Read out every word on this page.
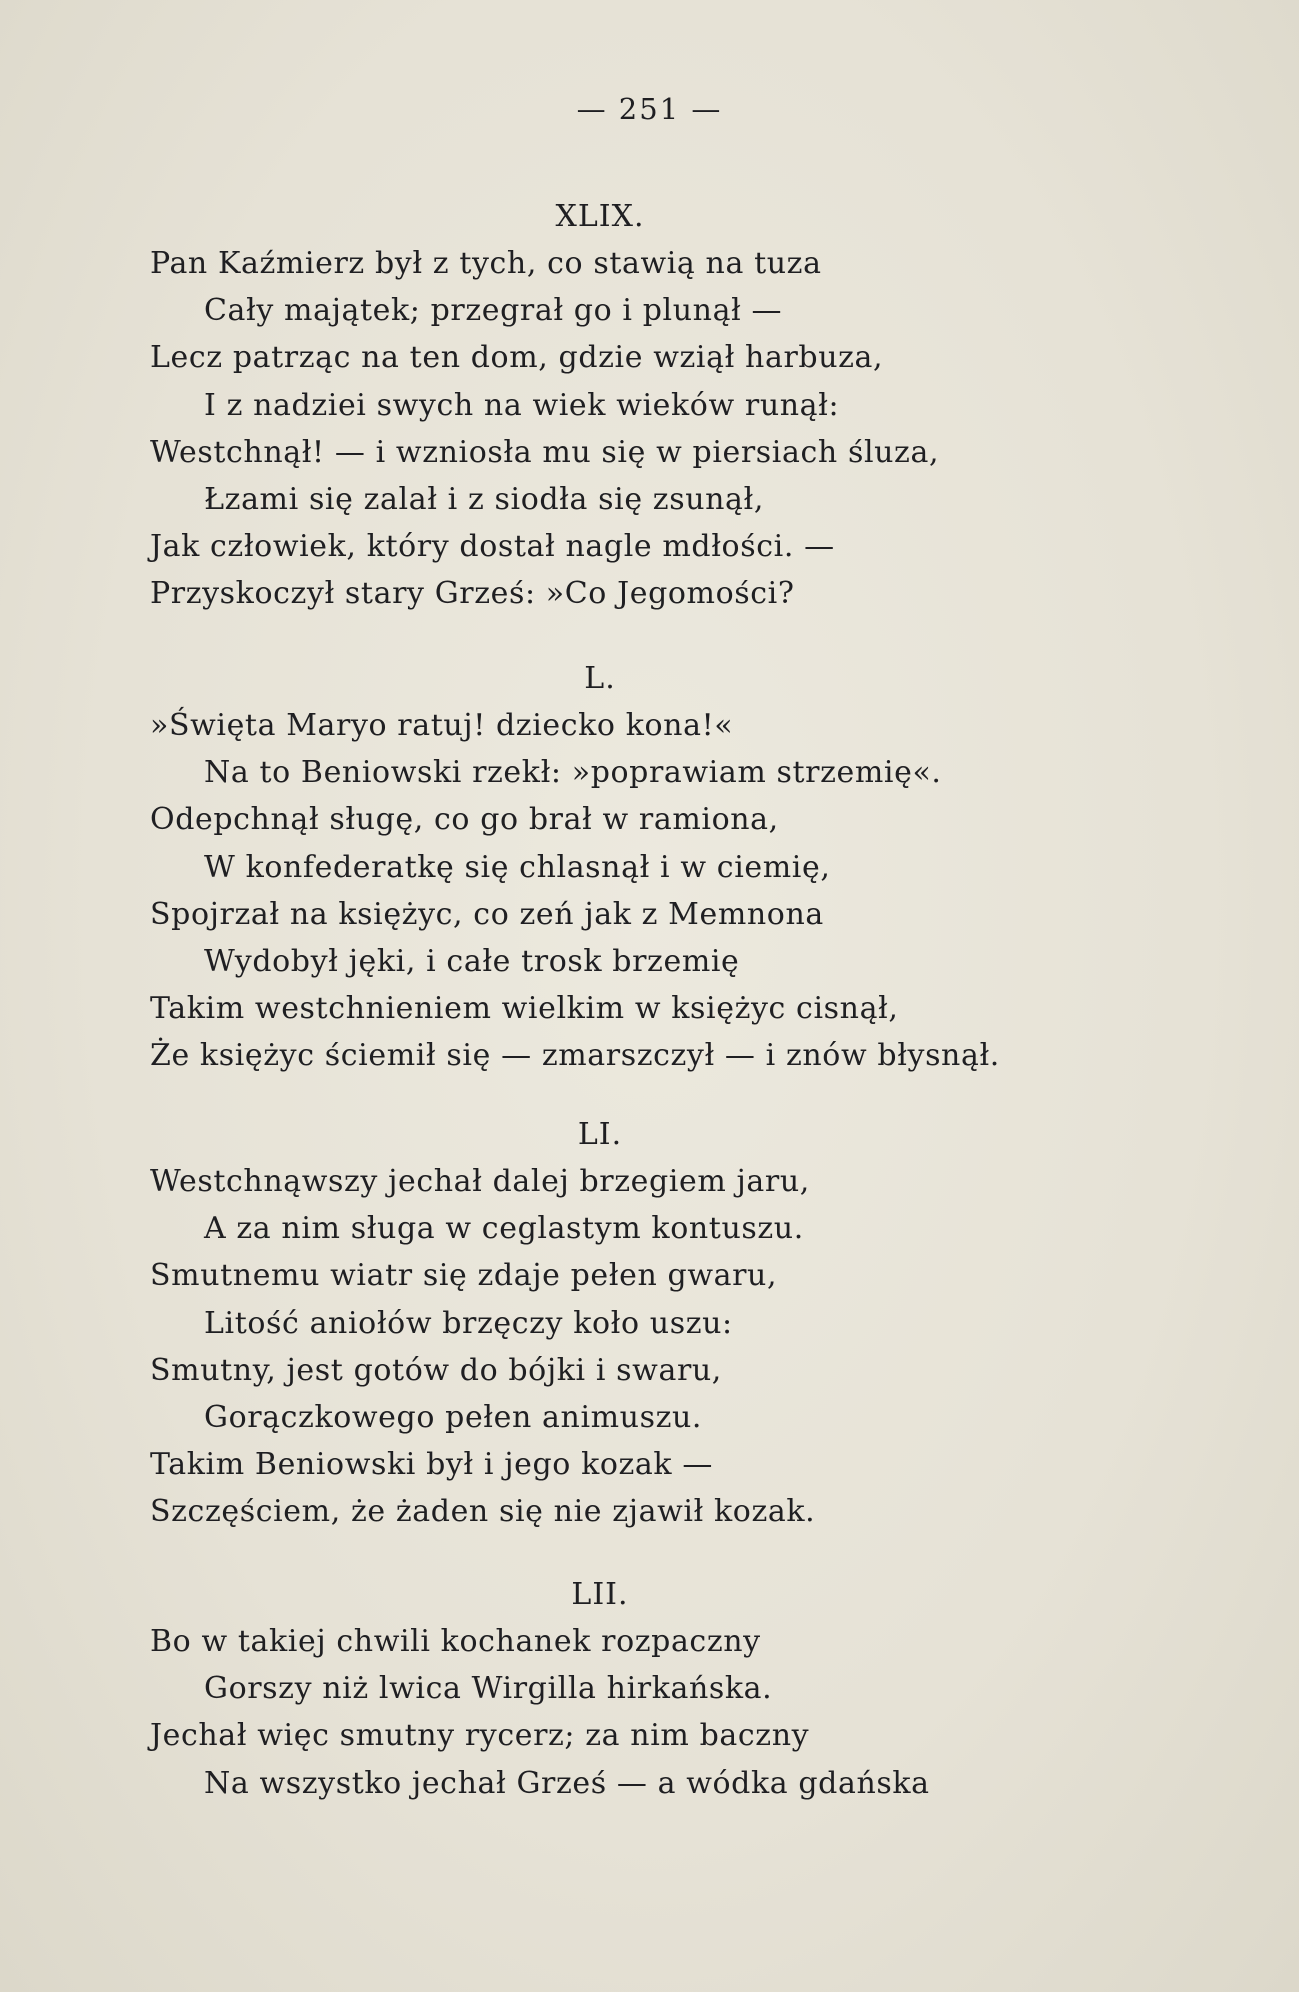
— 251 —
XLIX.
Pan Kaźmierz był z tych, co stawią na tuza
Cały majątek; przegrał go i plunął —
Lecz patrząc na ten dom, gdzie wziął harbuza,
I z nadziei swych na wiek wieków runął:
Westchnął! — i wzniosła mu się w piersiach śluza,
Łzami się zalał i z siodła się zsunął,
Jak człowiek, który dostał nagle mdłości. —
Przyskoczył stary Grześ: »Co Jegomości?
L.
»Święta Maryo ratuj! dziecko kona!«
Na to Beniowski rzekł: »poprawiam strzemię«.
Odepchnął sługę, co go brał w ramiona,
W konfederatkę się chlasnął i w ciemię,
Spojrzał na księżyc, co zeń jak z Memnona
Wydobył jęki, i całe trosk brzemię
Takim westchnieniem wielkim w księżyc cisnął,
Że księżyc ściemił się — zmarszczył — i znów błysnął.
LI.
Westchnąwszy jechał dalej brzegiem jaru,
A za nim sługa w ceglastym kontuszu.
Smutnemu wiatr się zdaje pełen gwaru,
Litość aniołów brzęczy koło uszu:
Smutny, jest gotów do bójki i swaru,
Gorączkowego pełen animuszu.
Takim Beniowski był i jego kozak —
Szczęściem, że żaden się nie zjawił kozak.
LII.
Bo w takiej chwili kochanek rozpaczny
Gorszy niż lwica Wirgilla hirkańska.
Jechał więc smutny rycerz; za nim baczny
Na wszystko jechał Grześ — a wódka gdańska
